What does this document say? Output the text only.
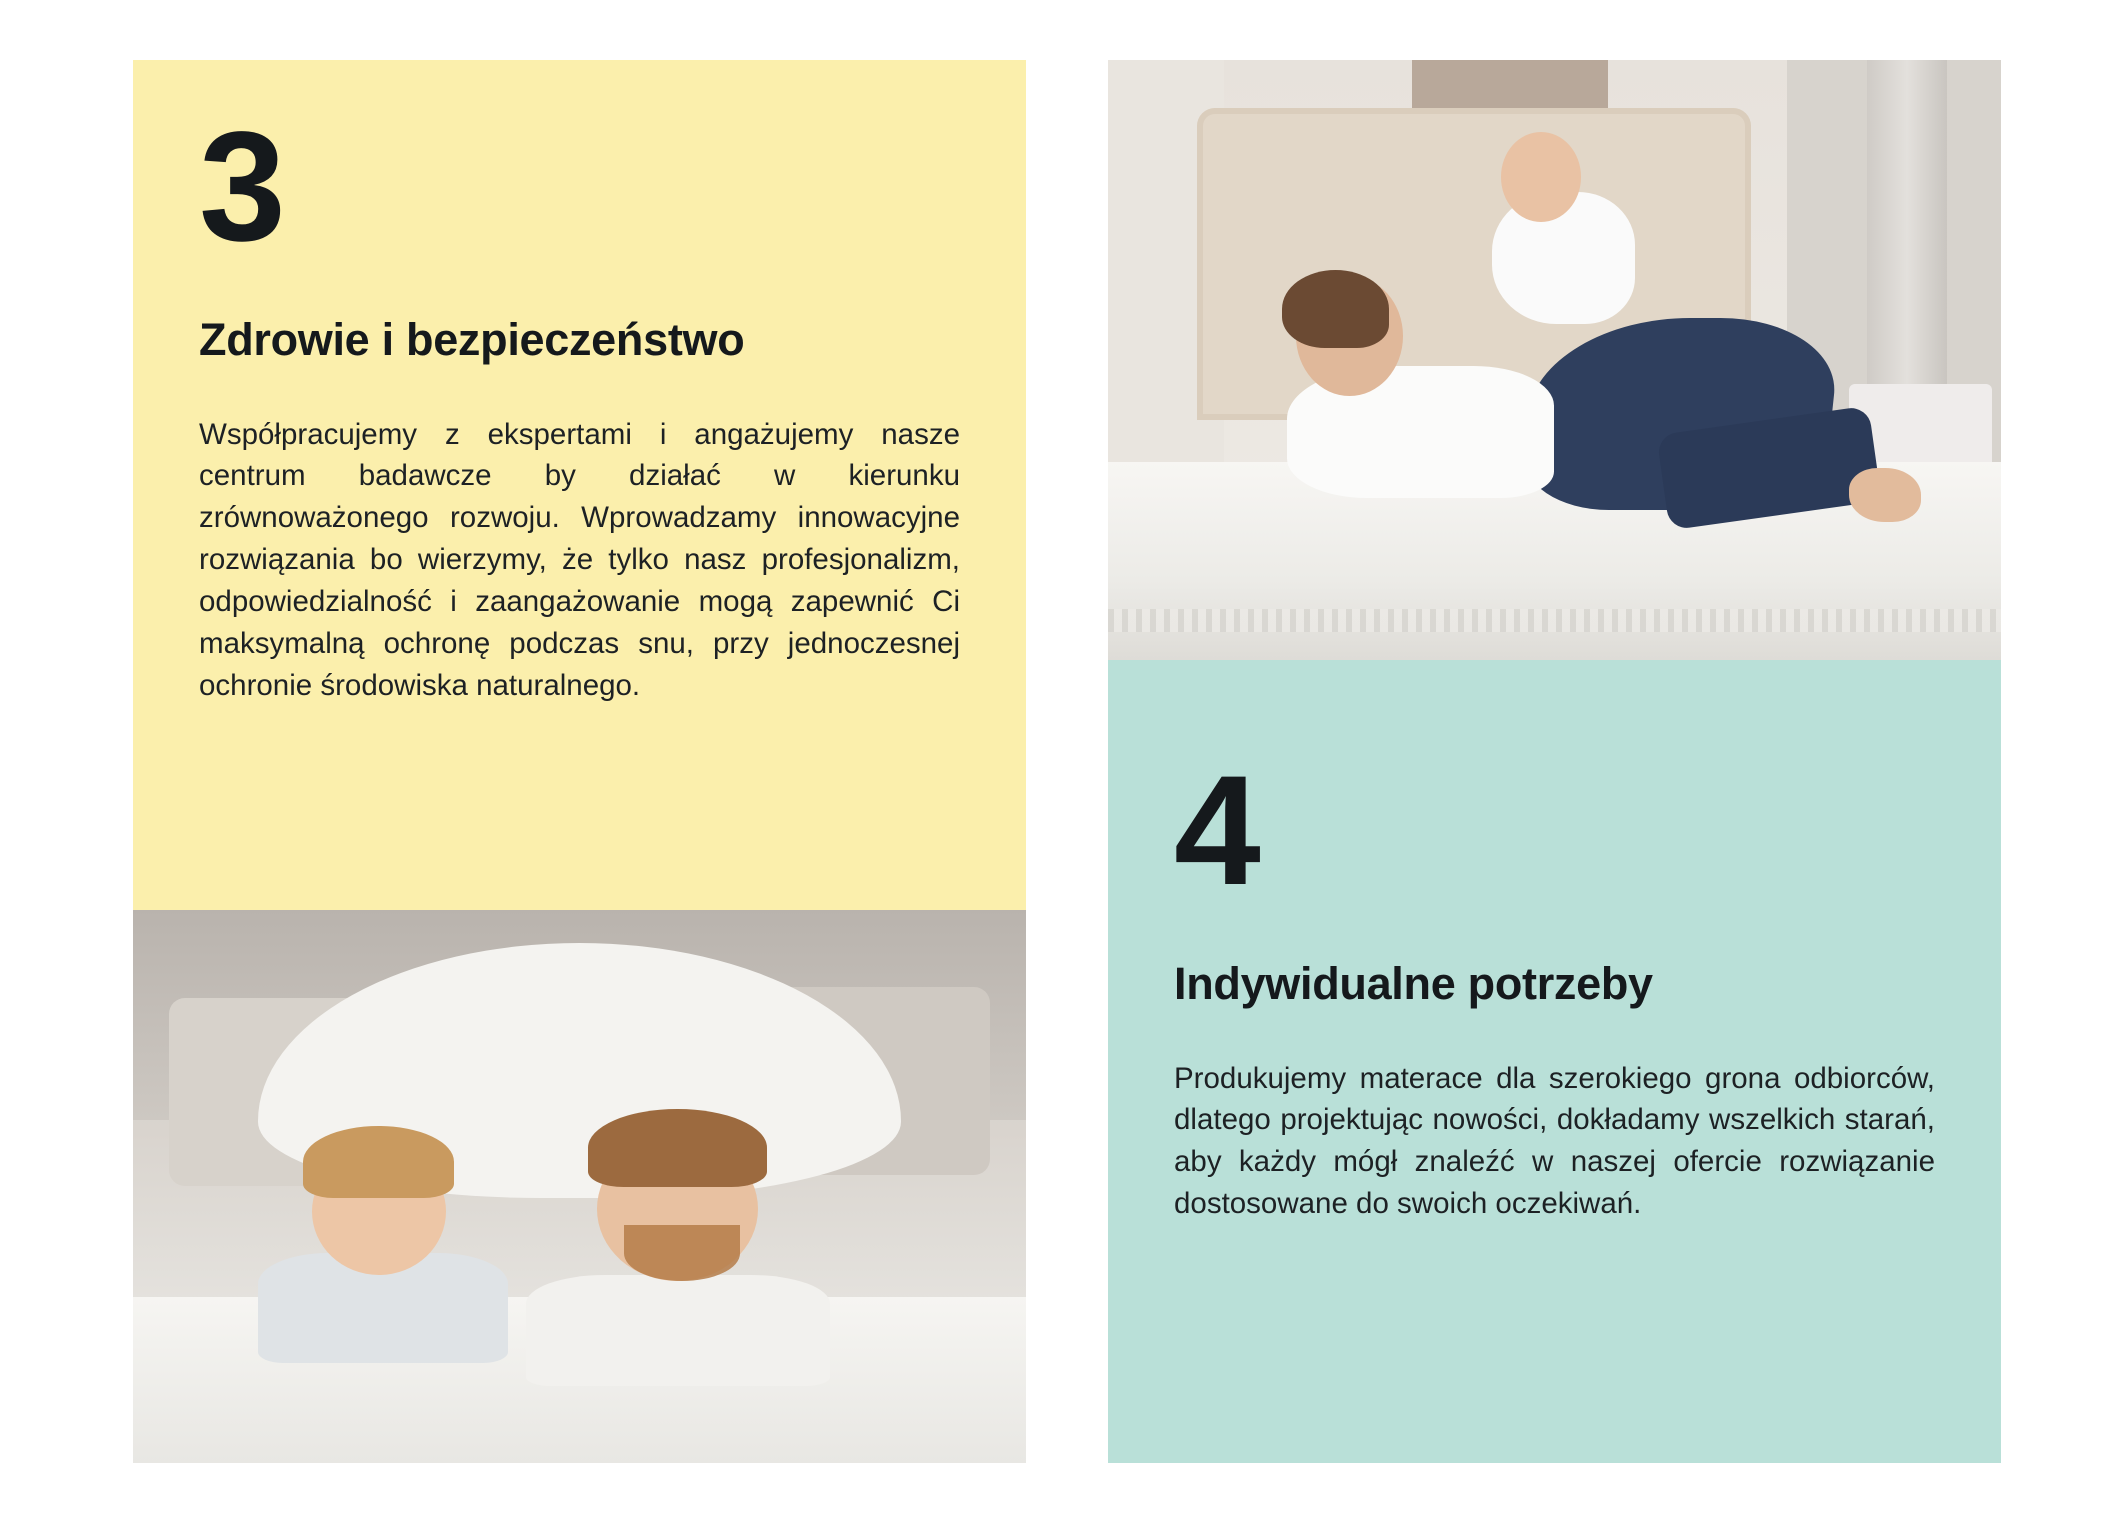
3
Zdrowie i bezpieczeństwo

Współpracujemy z ekspertami i angażujemy nasze centrum badawcze by działać w kierunku zrównoważonego rozwoju. Wprowadzamy innowacyjne rozwiązania bo wierzymy, że tylko nasz profesjonalizm, odpowiedzialność i zaangażowanie mogą zapewnić Ci maksymalną ochronę podczas snu, przy jednoczesnej ochronie środowiska naturalnego.

4
Indywidualne potrzeby

Produkujemy materace dla szerokiego grona odbiorców, dlatego projektując nowości, dokładamy wszelkich starań, aby każdy mógł znaleźć w naszej ofercie rozwiązanie dostosowane do swoich oczekiwań.
